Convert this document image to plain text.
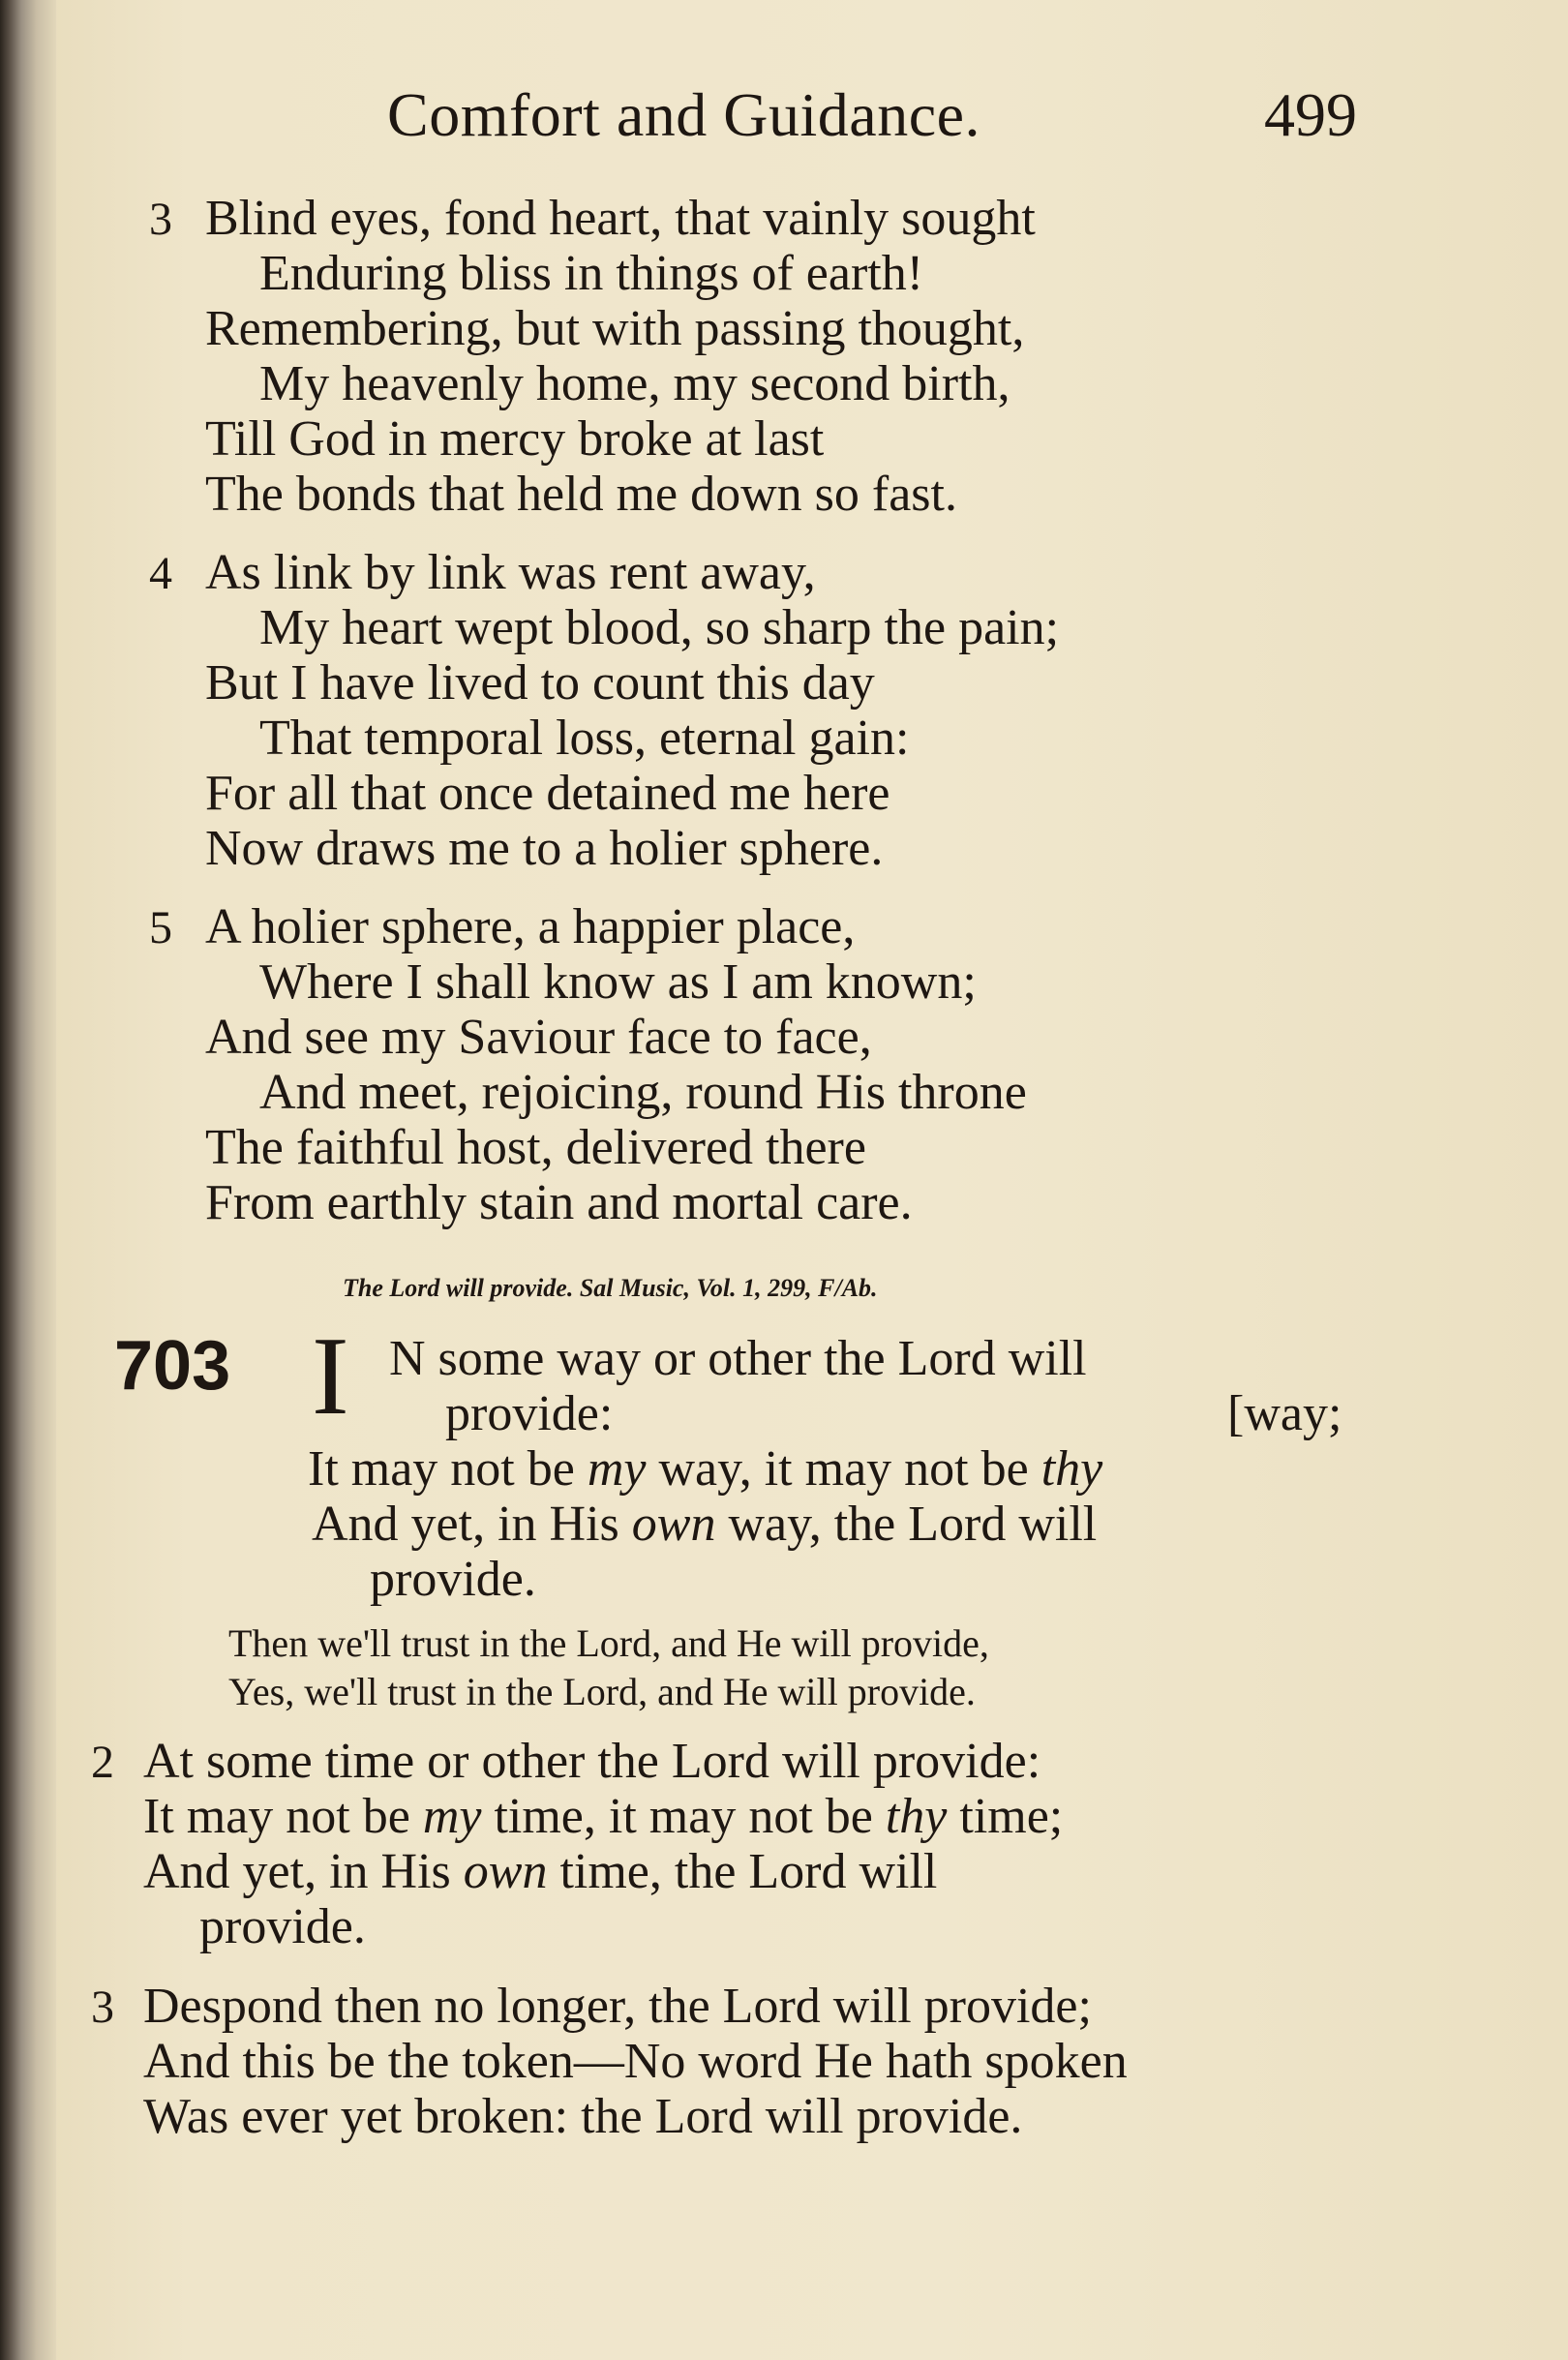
Comfort and Guidance.	499
3 Blind eyes, fond heart, that vainly sought
Enduring bliss in things of earth!
Remembering, but with passing thought,
My heavenly home, my second birth,
Till God in mercy broke at last
The bonds that held me down so fast.
4 As link by link was rent away,
My heart wept blood, so sharp the pain;
But I have lived to count this day
That temporal loss, eternal gain:
For all that once detained me here
Now draws me to a holier sphere.
5 A holier sphere, a happier place,
Where I shall know as I am known;
And see my Saviour face to face,
And meet, rejoicing, round His throne
The faithful host, delivered there
From earthly stain and mortal care.
The Lord will provide. Sal Music, Vol. 1, 299, F/Ab.
703 I N some way or other the Lord will
provide:	[way;
It may not be my way, it may not be thy
And yet, in His own way, the Lord will
provide.
Then we'll trust in the Lord, and He will provide,
Yes, we'll trust in the Lord, and He will provide.
2 At some time or other the Lord will provide:
It may not be my time, it may not be thy time;
And yet, in His own time, the Lord will
provide.
3 Despond then no longer, the Lord will provide;
And this be the token—No word He hath spoken
Was ever yet broken: the Lord will provide.
